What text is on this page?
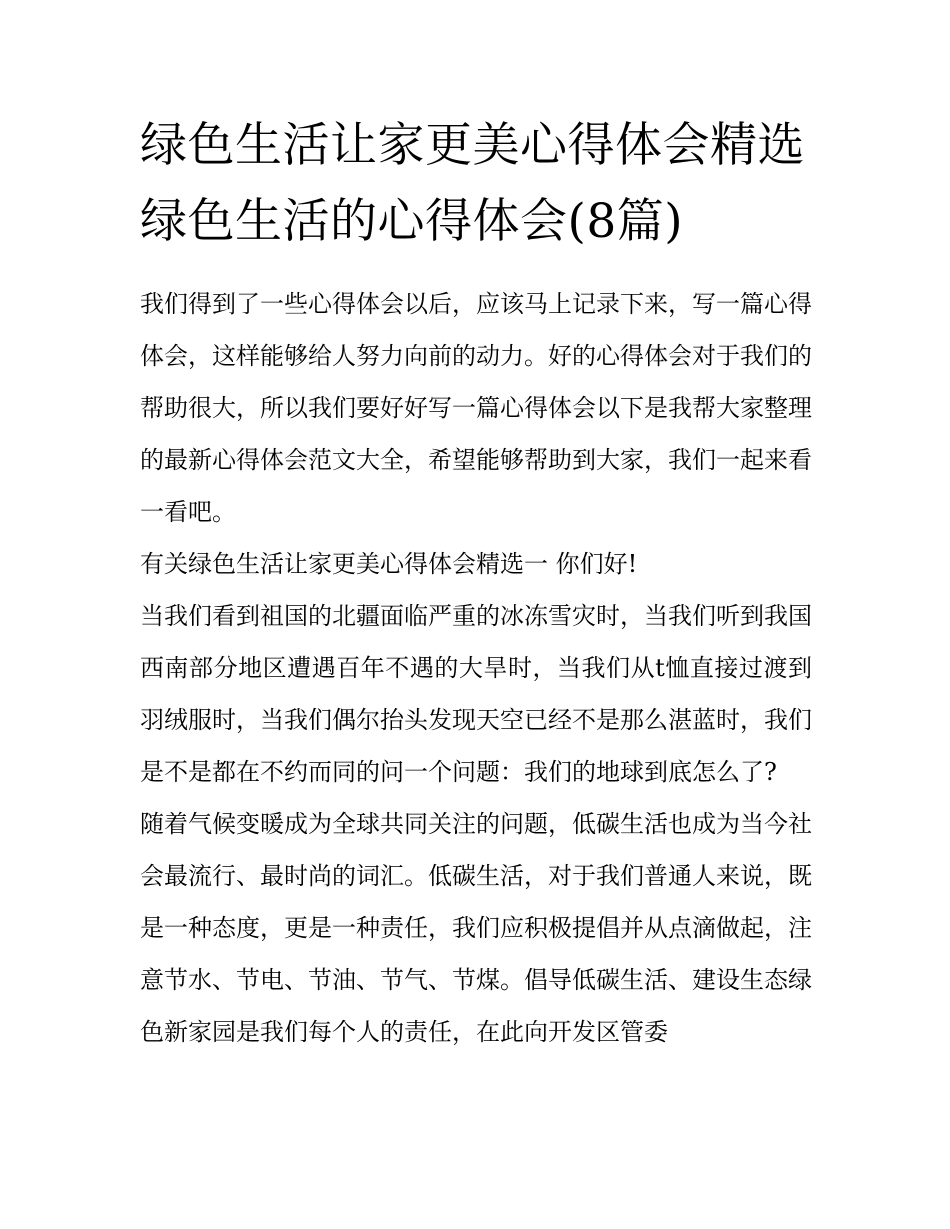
绿色生活让家更美心得体会精选 绿色生活的心得体会(8篇)

我们得到了一些心得体会以后，应该马上记录下来，写一篇心得体会，这样能够给人努力向前的动力。好的心得体会对于我们的帮助很大，所以我们要好好写一篇心得体会以下是我帮大家整理的最新心得体会范文大全，希望能够帮助到大家，我们一起来看一看吧。

有关绿色生活让家更美心得体会精选一 你们好!

当我们看到祖国的北疆面临严重的冰冻雪灾时，当我们听到我国西南部分地区遭遇百年不遇的大旱时，当我们从t恤直接过渡到羽绒服时，当我们偶尔抬头发现天空已经不是那么湛蓝时，我们是不是都在不约而同的问一个问题：我们的地球到底怎么了?

随着气候变暖成为全球共同关注的问题，低碳生活也成为当今社会最流行、最时尚的词汇。低碳生活，对于我们普通人来说，既是一种态度，更是一种责任，我们应积极提倡并从点滴做起，注意节水、节电、节油、节气、节煤。倡导低碳生活、建设生态绿色新家园是我们每个人的责任，在此向开发区管委
